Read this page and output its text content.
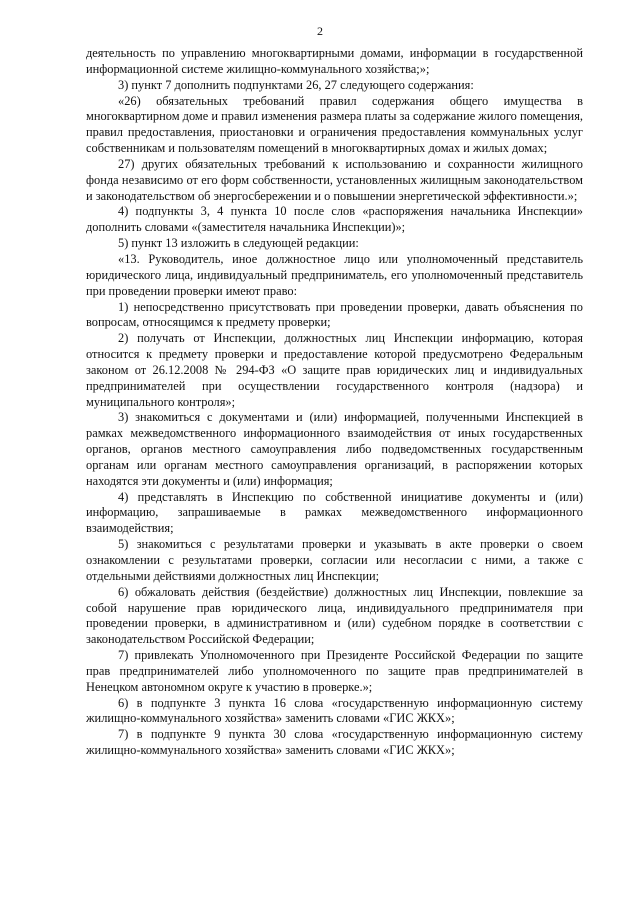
2

деятельность по управлению многоквартирными домами, информации в государственной информационной системе жилищно-коммунального хозяйства;»;

3) пункт 7 дополнить подпунктами 26, 27 следующего содержания:

«26) обязательных требований правил содержания общего имущества в многоквартирном доме и правил изменения размера платы за содержание жилого помещения, правил предоставления, приостановки и ограничения предоставления коммунальных услуг собственникам и пользователям помещений в многоквартирных домах и жилых домах;

27) других обязательных требований к использованию и сохранности жилищного фонда независимо от его форм собственности, установленных жилищным законодательством и законодательством об энергосбережении и о повышении энергетической эффективности.»;

4) подпункты 3, 4 пункта 10 после слов «распоряжения начальника Инспекции» дополнить словами «(заместителя начальника Инспекции)»;

5) пункт 13 изложить в следующей редакции:

«13. Руководитель, иное должностное лицо или уполномоченный представитель юридического лица, индивидуальный предприниматель, его уполномоченный представитель при проведении проверки имеют право:

1) непосредственно присутствовать при проведении проверки, давать объяснения по вопросам, относящимся к предмету проверки;

2) получать от Инспекции, должностных лиц Инспекции информацию, которая относится к предмету проверки и предоставление которой предусмотрено Федеральным законом от 26.12.2008 № 294-ФЗ «О защите прав юридических лиц и индивидуальных предпринимателей при осуществлении государственного контроля (надзора) и муниципального контроля»;

3) знакомиться с документами и (или) информацией, полученными Инспекцией в рамках межведомственного информационного взаимодействия от иных государственных органов, органов местного самоуправления либо подведомственных государственным органам или органам местного самоуправления организаций, в распоряжении которых находятся эти документы и (или) информация;

4) представлять в Инспекцию по собственной инициативе документы и (или) информацию, запрашиваемые в рамках межведомственного информационного взаимодействия;

5) знакомиться с результатами проверки и указывать в акте проверки о своем ознакомлении с результатами проверки, согласии или несогласии с ними, а также с отдельными действиями должностных лиц Инспекции;

6) обжаловать действия (бездействие) должностных лиц Инспекции, повлекшие за собой нарушение прав юридического лица, индивидуального предпринимателя при проведении проверки, в административном и (или) судебном порядке в соответствии с законодательством Российской Федерации;

7) привлекать Уполномоченного при Президенте Российской Федерации по защите прав предпринимателей либо уполномоченного по защите прав предпринимателей в Ненецком автономном округе к участию в проверке.»;

6) в подпункте 3 пункта 16 слова «государственную информационную систему жилищно-коммунального хозяйства» заменить словами «ГИС ЖКХ»;

7) в подпункте 9 пункта 30 слова «государственную информационную систему жилищно-коммунального хозяйства» заменить словами «ГИС ЖКХ»;
